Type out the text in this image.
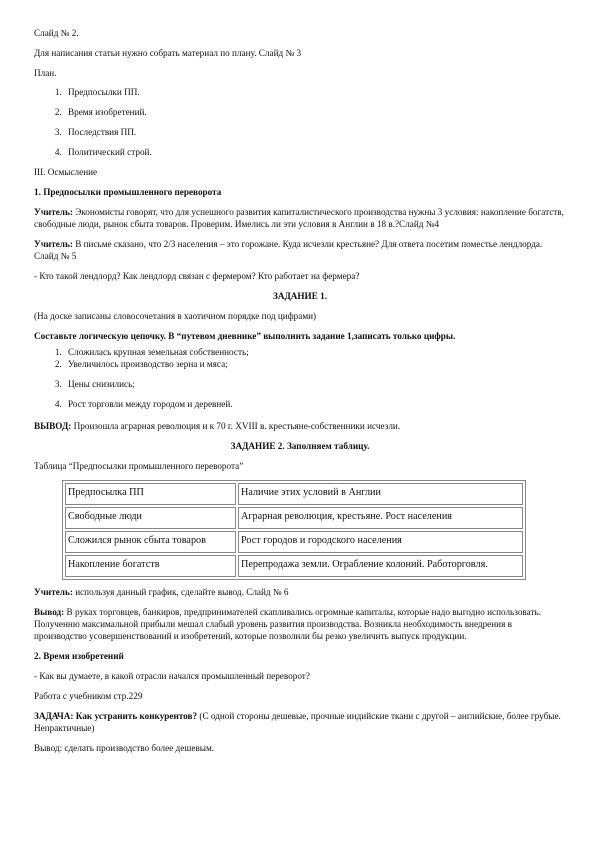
Слайд № 2.

Для написания статьи нужно собрать материал по плану. Слайд № 3

План.

1. Предпосылки ПП.
2. Время изобретений.
3. Последствия ПП.
4. Политический строй.

III. Осмысление

1. Предпосылки промышленного переворота

Учитель: Экономисты говорят, что для успешного развития капиталистического производства нужны 3 условия: накопление богатств, свободные люди, рынок сбыта товаров. Проверим. Имелись ли эти условия в Англии в 18 в.?Слайд №4

Учитель: В письме сказано, что 2/3 населения – это горожане. Куда исчезли крестьяне? Для ответа посетим поместье лендлорда. Слайд № 5

- Кто такой лендлорд? Как лендлорд связан с фермером? Кто работает на фермера?

ЗАДАНИЕ 1.

(На доске записаны словосочетания в хаотичном порядке под цифрами)

Составьте логическую цепочку. В “путевом дневнике” выполнить задание 1,записать только цифры.

1. Сложилась крупная земельная собственность;
2. Увеличилось производство зерна и мяса;
3. Цены снизились;
4. Рост торговли между городом и деревней.

ВЫВОД: Произошла аграрная революция и к 70 г. XVIII в. крестьяне-собственники исчезли.

ЗАДАНИЕ 2. Заполняем таблицу.

Таблица “Предпосылки промышленного переворота”

Предпосылка ПП	Наличие этих условий в Англии
Свободные люди	Аграрная революция, крестьяне. Рост населения
Сложился рынок сбыта товаров	Рост городов и городского населения
Накопление богатств	Перепродажа земли. Ограбление колоний. Работорговля.

Учитель: используя данный график, сделайте вывод. Слайд № 6

Вывод: В руках торговцев, банкиров, предпринимателей скапливались огромные капиталы, которые надо выгодно использовать. Полученню максимальной прибыли мешал слабый уровень развития производства. Возникла необходимость внедрения в производство усовершенствований и изобретений, которые позволили бы резко увеличить выпуск продукции.

2. Время изобретений

- Как вы думаете, в какой отрасли начался промышленный переворот?

Работа с учебником стр.229

ЗАДАЧА: Как устранить конкурентов? (С одной стороны дешевые, прочные индийские ткани с другой – английские, более грубые. Непрактичные)

Вывод: сделать производство более дешевым.
